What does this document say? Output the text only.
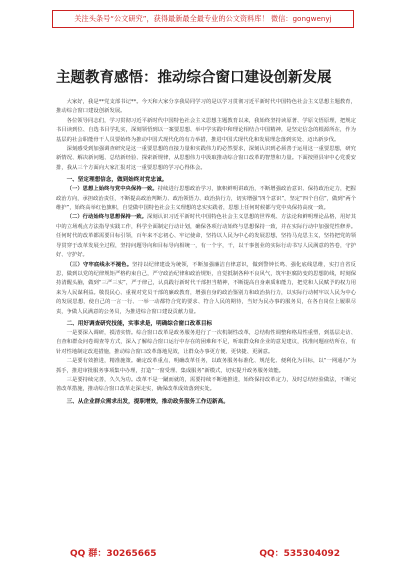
关注头条号“公文研究”，获得最新最全最专业的公文资料库！ 微信：gongwenyj
主题教育感悟：推动综合窗口建设创新发展

大家好，我是**党支部书记**。今天和大家分享我局同学习的是以学习贯彻习近平新时代中国特色社会主义思想主题教育，推动综合窗口建设创新发展。

各位领导同志们，学习贯彻习近平新时代中国特色社会主义思想主题教育以来，我始终坚持读原著、学原文悟原理，把规定书目读到位、自选书目学扎实，深刻领悟到以一案要思想、举中学实践中和理论相结合中国精神，是坚定信念的根源所在，作为基层的社会职能骨干人员要始终为推动中国式现代化的有力举措，推进中国式现代化和发展理念落到实处、迈出新步伐。

深刻感受到加强调查研究是这一重要思想的直接力量和实践伟力的必然要求，深刻认识到必须善于运用这一重要思想，研究新情况、解决新问题、总结新经验、探索新规律，从思想伟力中汲取推动综合窗口改革的智慧和力量。下面按照县审中心党委安排，我从三个方面向大家汇报对这一重要思想的学习心得体会。

一、坚定理想信念，做到始终对党忠诚。

（一）思想上始终与党中央保持一致。持续进行思想政治学习，旗帜鲜明讲政治，不断增强政治意识、保持政治定力，把握政治方向，承担政治责任，不断提高政治判断力、政治领悟力、政治执行力，切实增强“四个意识”，坚定“四个自信”，做到“两个维护”，始终高举红色旗帜，自觉做中国特色社会主义理想的忠实实践者，思想上任何时候都与党中央保持高度一致。

（二）行动始终与思想保持一致。深刻认识习近平新时代中国特色社会主义思想的世界观、方法论和鲜明理论品格，用好其中的立场观点方法指导实践工作，科学全面制定行动计划，确保各项行动始终与思想保持一致，并在实际行动中加强党性修养。任何时代的改革都需要目标引领，百年来不忘初心、牢记使命，坚持以人民为中心的发展思想，坚持马克思主义，坚持把党的领导贯穿于改革发展全过程，坚持问题导向和目标导向相统一，有一个字，干，以干事创业的实际行动书写人民满意的答卷，守护好、守护好。

（三）守牢底线永不褪色。坚持以纪律建设为统领，不断加强廉洁自律意识，做到警钟长鸣、强化底线思维，实打自省反思，做到以党的纪律规矩严格约束自己，严守政治纪律和政治规矩，自觉抵制各种不良风气，筑牢拒腐防变的思想防线，时刻保持清醒头脑，做到“三严三实”，严于律己，认真践行新时代干部担当精神，不断提高自身素质和能力，把党和人民赋予的权力用来为人民谋利益。敬畏民心、重视对党员干部的廉政教育，增强自身的政治鉴别力和政治执行力，以实际行动树牢以人民为中心的发展思想，使自己的一言一行、一举一动都符合党的要求、符合人民的期待，当好为民办事的服务员，在各自岗位上履职尽责，争做人民满意的公务员，为推进综合窗口建设贡献力量。

二、用好调查研究技能，实事求是，明确综合窗口改革目标

一是要深入调研，摸清实情。综合窗口改革是政务服务进行了一次机制性改革，总结构性调整和格局性重塑，到基层走访、自查和群众问卷调查等方式，深入了解综合窗口运行中存在的困难和不足，听取群众和企业的意见建议，找准问题症结所在，有针对性地制定改进措施，推动综合窗口改革落地见效，让群众办事更方便、更快捷、更满意。

二是要有效推进，精准施策。确定改革重点，明确改革任务，以政务服务标准化、规范化、便利化为目标，以“一网通办”为抓手，推进审批服务事项集中办理，打造“一窗受理、集成服务”新模式，切实提升政务服务效能。

三是要持续完善，久久为功。改革不是一蹴而就的，需要持续不断地推进，始终保持改革定力，及时总结经验做法，不断完善改革措施，推动综合窗口改革走深走实，确保改革成效落到实处。

三、从企业群众需求出发，提职增效，推动政务服务工作迈新高。

QQ 群：30265665	QQ：535304092
